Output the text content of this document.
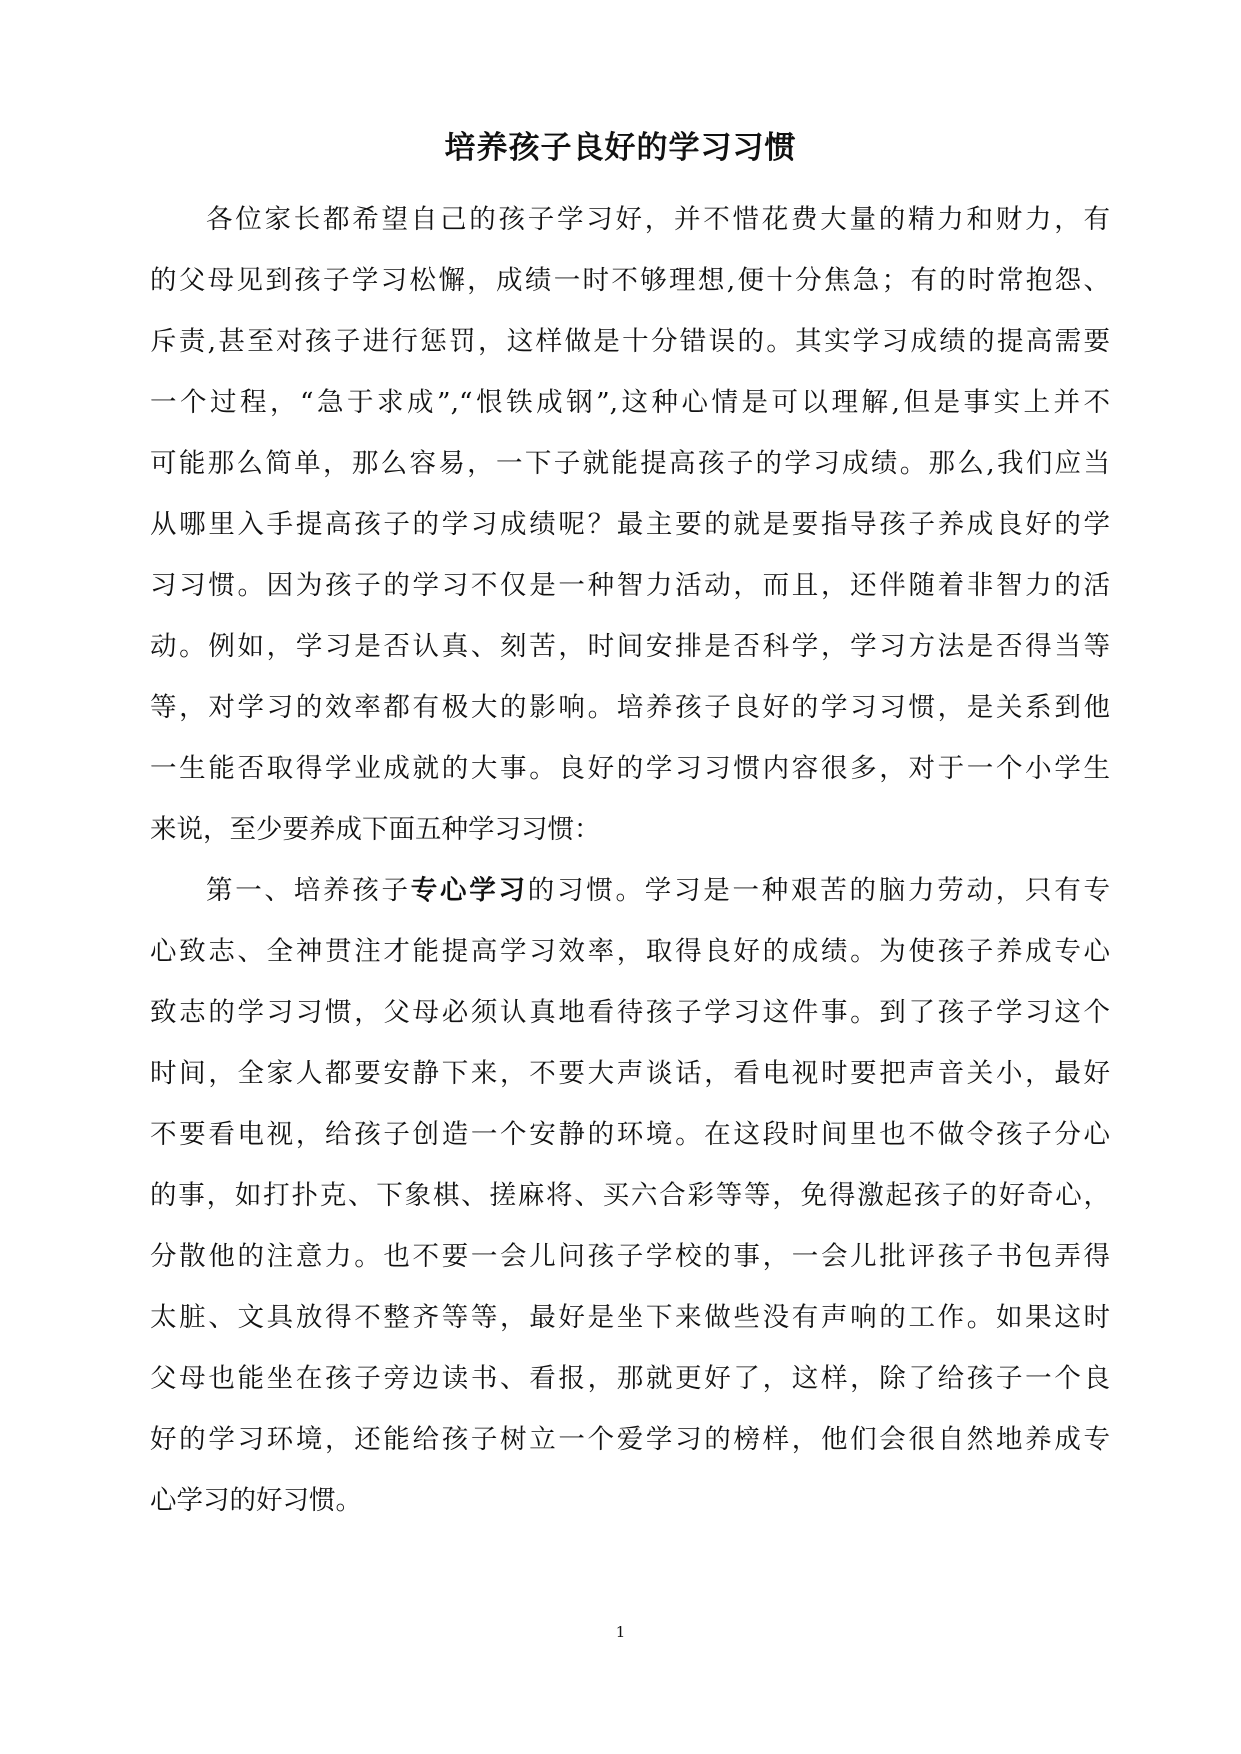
培养孩子良好的学习习惯
各位家长都希望自己的孩子学习好，并不惜花费大量的精力和财力，有
的父母见到孩子学习松懈，成绩一时不够理想,便十分焦急；有的时常抱怨、
斥责,甚至对孩子进行惩罚，这样做是十分错误的。其实学习成绩的提高需要
一个过程，“急于求成”,“恨铁成钢”,这种心情是可以理解,但是事实上并不
可能那么简单，那么容易，一下子就能提高孩子的学习成绩。那么,我们应当
从哪里入手提高孩子的学习成绩呢？最主要的就是要指导孩子养成良好的学
习习惯。因为孩子的学习不仅是一种智力活动，而且，还伴随着非智力的活
动。例如，学习是否认真、刻苦，时间安排是否科学，学习方法是否得当等
等，对学习的效率都有极大的影响。培养孩子良好的学习习惯，是关系到他
一生能否取得学业成就的大事。良好的学习习惯内容很多，对于一个小学生
来说，至少要养成下面五种学习习惯：
第一、培养孩子专心学习的习惯。学习是一种艰苦的脑力劳动，只有专
心致志、全神贯注才能提高学习效率，取得良好的成绩。为使孩子养成专心
致志的学习习惯，父母必须认真地看待孩子学习这件事。到了孩子学习这个
时间，全家人都要安静下来，不要大声谈话，看电视时要把声音关小，最好
不要看电视，给孩子创造一个安静的环境。在这段时间里也不做令孩子分心
的事，如打扑克、下象棋、搓麻将、买六合彩等等，免得激起孩子的好奇心，
分散他的注意力。也不要一会儿问孩子学校的事，一会儿批评孩子书包弄得
太脏、文具放得不整齐等等，最好是坐下来做些没有声响的工作。如果这时
父母也能坐在孩子旁边读书、看报，那就更好了，这样，除了给孩子一个良
好的学习环境，还能给孩子树立一个爱学习的榜样，他们会很自然地养成专
心学习的好习惯。
1
